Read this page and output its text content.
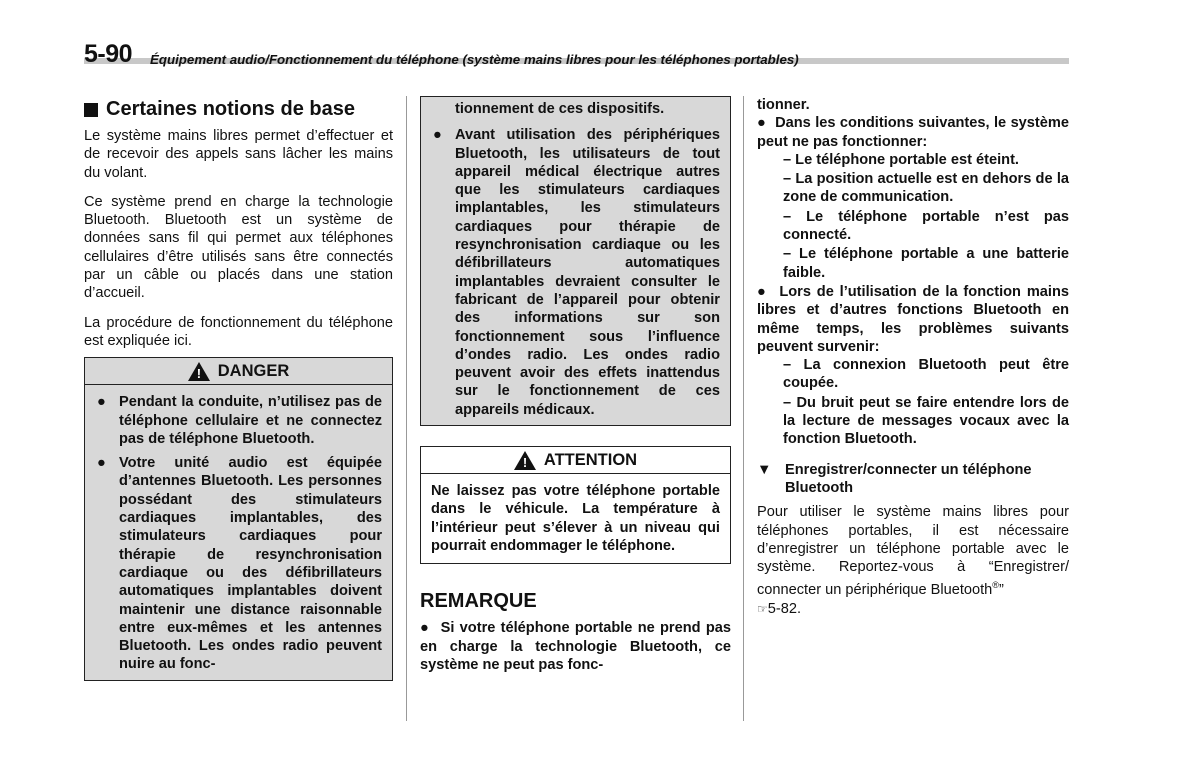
5-90 Équipement audio/Fonctionnement du téléphone (système mains libres pour les téléphones portables)
Certaines notions de base

Le système mains libres permet d’effectuer et de recevoir des appels sans lâcher les mains du volant.

Ce système prend en charge la technologie Bluetooth. Bluetooth est un système de données sans fil qui permet aux téléphones cellulaires d’être utilisés sans être connectés par un câble ou placés dans une station d’accueil.

La procédure de fonctionnement du téléphone est expliquée ici.

! DANGER
● Pendant la conduite, n’utilisez pas de téléphone cellulaire et ne connectez pas de téléphone Bluetooth.
● Votre unité audio est équipée d’antennes Bluetooth. Les personnes possédant des stimulateurs cardiaques implantables, des stimulateurs cardiaques pour thérapie de resynchronisation cardiaque ou des défibrillateurs automatiques implantables doivent maintenir une distance raisonnable entre eux-mêmes et les antennes Bluetooth. Les ondes radio peuvent nuire au fonc-
tionnement de ces dispositifs.
● Avant utilisation des périphériques Bluetooth, les utilisateurs de tout appareil médical électrique autres que les stimulateurs cardiaques implantables, les stimulateurs cardiaques pour thérapie de resynchronisation cardiaque ou les défibrillateurs automatiques implantables devraient consulter le fabricant de l’appareil pour obtenir des informations sur son fonctionnement sous l’influence d’ondes radio. Les ondes radio peuvent avoir des effets inattendus sur le fonctionnement de ces appareils médicaux.
! ATTENTION
Ne laissez pas votre téléphone portable dans le véhicule. La température à l’intérieur peut s’élever à un niveau qui pourrait endommager le téléphone.
REMARQUE
●  Si votre téléphone portable ne prend pas en charge la technologie Bluetooth, ce système ne peut pas fonc-

tionner.

●  Dans les conditions suivantes, le système peut ne pas fonctionner:

– Le téléphone portable est éteint.

– La position actuelle est en dehors de la zone de communication.

– Le téléphone portable n’est pas connecté.

– Le téléphone portable a une batterie faible.

●  Lors de l’utilisation de la fonction mains libres et d’autres fonctions Bluetooth en même temps, les problèmes suivants peuvent survenir:

– La connexion Bluetooth peut être coupée.

– Du bruit peut se faire entendre lors de la lecture de messages vocaux avec la fonction Bluetooth.

▼ Enregistrer/connecter un téléphone Bluetooth

Pour utiliser le système mains libres pour téléphones portables, il est nécessaire d’enregistrer un téléphone portable avec le système. Reportez-vous à “Enregistrer/ connecter un périphérique Bluetooth®”
☞5-82.
